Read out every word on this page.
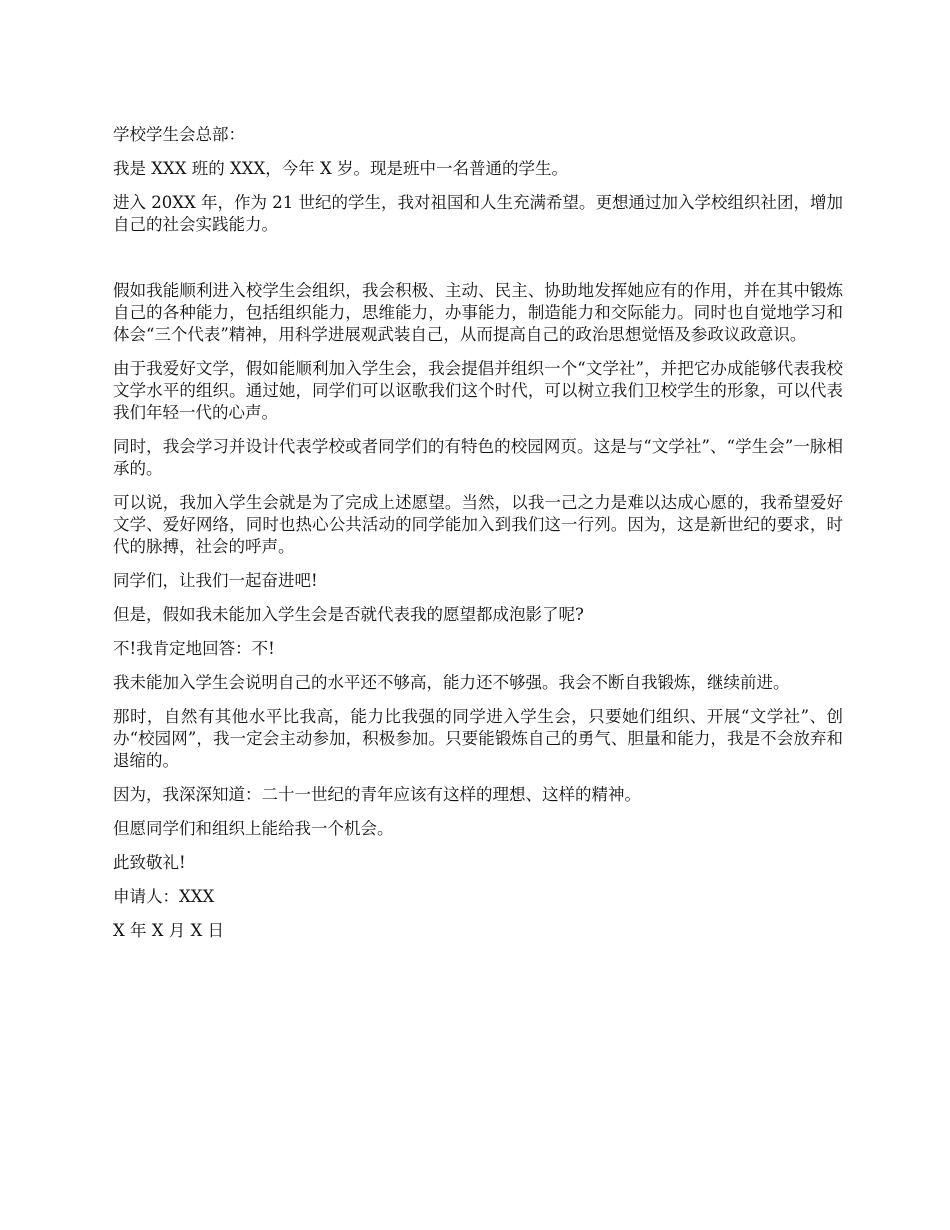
学校学生会总部：

我是 XXX 班的 XXX，今年 X 岁。现是班中一名普通的学生。

进入 20XX 年，作为 21 世纪的学生，我对祖国和人生充满希望。更想通过加入学校组织社团，增加自己的社会实践能力。

假如我能顺利进入校学生会组织，我会积极、主动、民主、协助地发挥她应有的作用，并在其中锻炼自己的各种能力，包括组织能力，思维能力，办事能力，制造能力和交际能力。同时也自觉地学习和体会“三个代表”精神，用科学进展观武装自己，从而提高自己的政治思想觉悟及参政议政意识。

由于我爱好文学，假如能顺利加入学生会，我会提倡并组织一个“文学社”，并把它办成能够代表我校文学水平的组织。通过她，同学们可以讴歌我们这个时代，可以树立我们卫校学生的形象，可以代表我们年轻一代的心声。

同时，我会学习并设计代表学校或者同学们的有特色的校园网页。这是与“文学社”、“学生会”一脉相承的。

可以说，我加入学生会就是为了完成上述愿望。当然，以我一己之力是难以达成心愿的，我希望爱好文学、爱好网络，同时也热心公共活动的同学能加入到我们这一行列。因为，这是新世纪的要求，时代的脉搏，社会的呼声。

同学们，让我们一起奋进吧!

但是，假如我未能加入学生会是否就代表我的愿望都成泡影了呢?

不!我肯定地回答：不!

我未能加入学生会说明自己的水平还不够高，能力还不够强。我会不断自我锻炼，继续前进。

那时，自然有其他水平比我高，能力比我强的同学进入学生会，只要她们组织、开展“文学社”、创办“校园网”，我一定会主动参加，积极参加。只要能锻炼自己的勇气、胆量和能力，我是不会放弃和退缩的。

因为，我深深知道：二十一世纪的青年应该有这样的理想、这样的精神。

但愿同学们和组织上能给我一个机会。

此致敬礼!

申请人：XXX

X 年 X 月 X 日
